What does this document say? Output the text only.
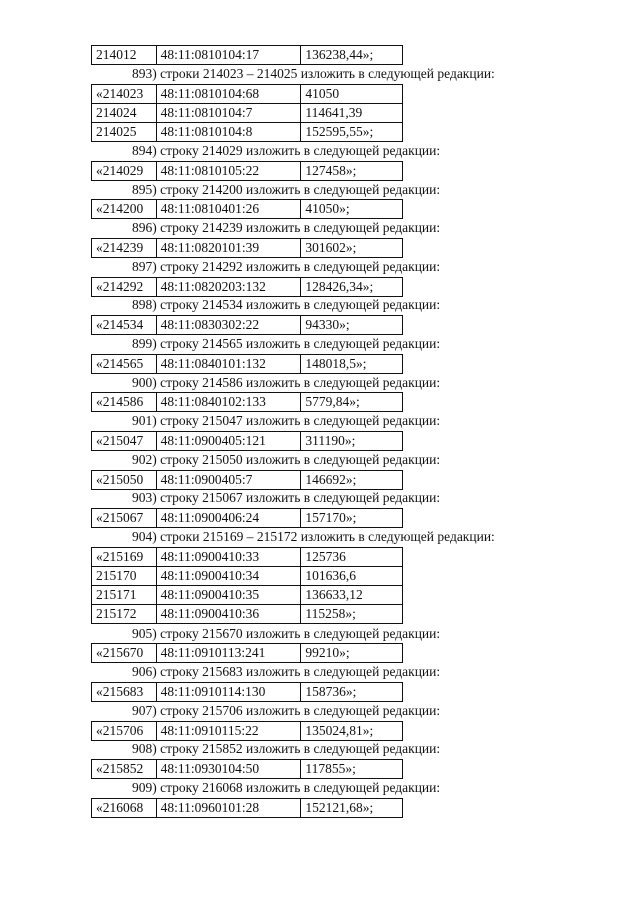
214012	48:11:0810104:17	136238,44»;
893) строки 214023 – 214025 изложить в следующей редакции:
«214023	48:11:0810104:68	41050
214024	48:11:0810104:7	114641,39
214025	48:11:0810104:8	152595,55»;
894) строку 214029 изложить в следующей редакции:
«214029	48:11:0810105:22	127458»;
895) строку 214200 изложить в следующей редакции:
«214200	48:11:0810401:26	41050»;
896) строку 214239 изложить в следующей редакции:
«214239	48:11:0820101:39	301602»;
897) строку 214292 изложить в следующей редакции:
«214292	48:11:0820203:132	128426,34»;
898) строку 214534 изложить в следующей редакции:
«214534	48:11:0830302:22	94330»;
899) строку 214565 изложить в следующей редакции:
«214565	48:11:0840101:132	148018,5»;
900) строку 214586 изложить в следующей редакции:
«214586	48:11:0840102:133	5779,84»;
901) строку 215047 изложить в следующей редакции:
«215047	48:11:0900405:121	311190»;
902) строку 215050 изложить в следующей редакции:
«215050	48:11:0900405:7	146692»;
903) строку 215067 изложить в следующей редакции:
«215067	48:11:0900406:24	157170»;
904) строки 215169 – 215172 изложить в следующей редакции:
«215169	48:11:0900410:33	125736
215170	48:11:0900410:34	101636,6
215171	48:11:0900410:35	136633,12
215172	48:11:0900410:36	115258»;
905) строку 215670 изложить в следующей редакции:
«215670	48:11:0910113:241	99210»;
906) строку 215683 изложить в следующей редакции:
«215683	48:11:0910114:130	158736»;
907) строку 215706 изложить в следующей редакции:
«215706	48:11:0910115:22	135024,81»;
908) строку 215852 изложить в следующей редакции:
«215852	48:11:0930104:50	117855»;
909) строку 216068 изложить в следующей редакции:
«216068	48:11:0960101:28	152121,68»;
